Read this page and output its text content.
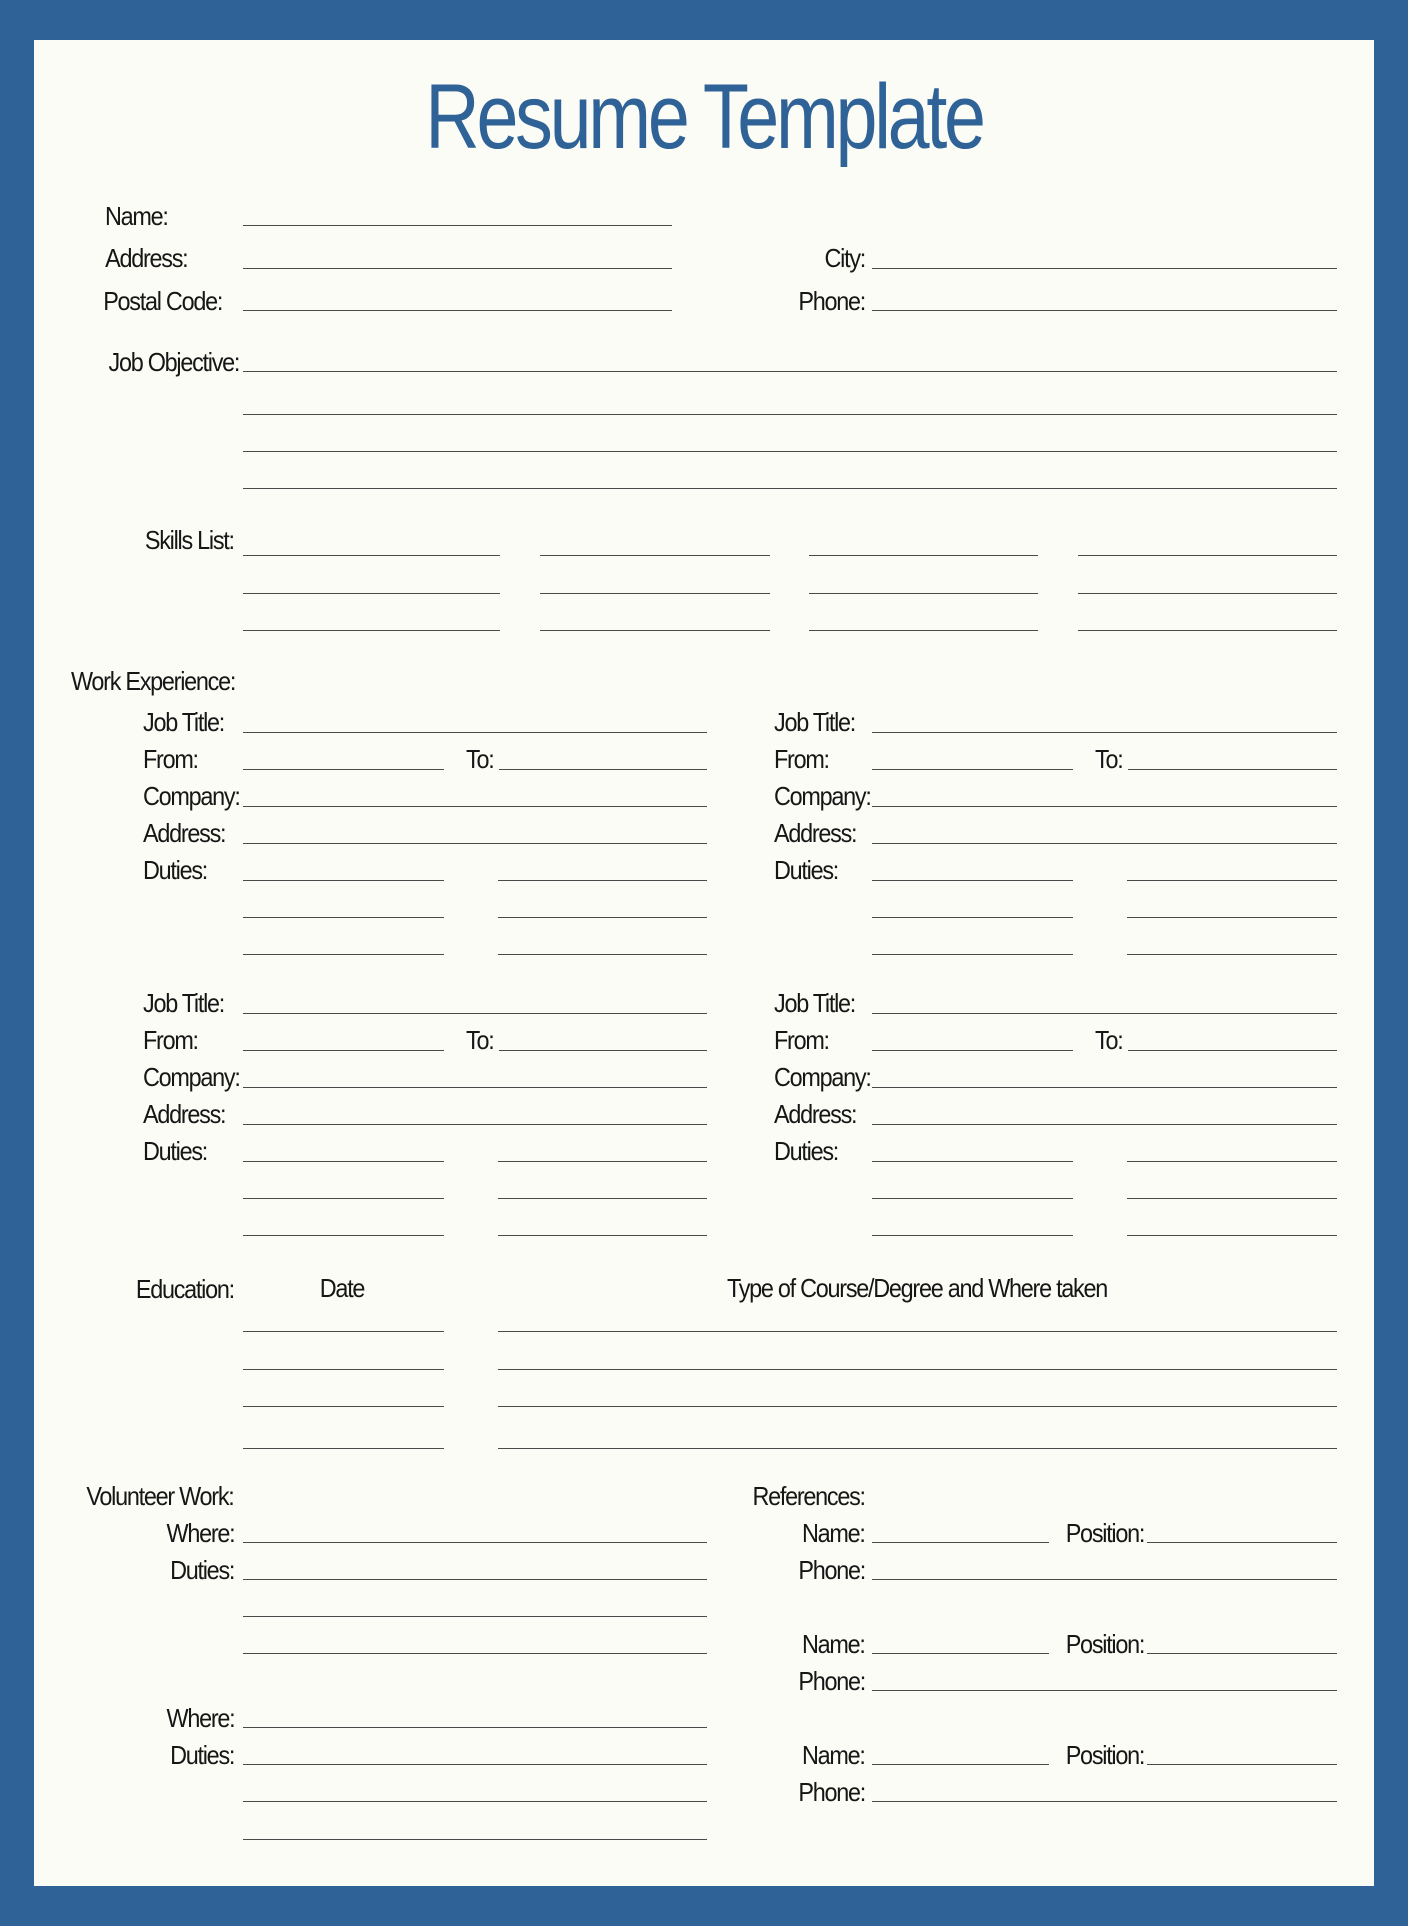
Resume Template
Name:
Address:
Postal Code:
City:
Phone:
Job Objective:
Skills List:
Work Experience:
Job Title:
From:	To:
Company:
Address:
Duties:
Job Title:
From:	To:
Company:
Address:
Duties:
Job Title:
From:	To:
Company:
Address:
Duties:
Job Title:
From:	To:
Company:
Address:
Duties:
Education:	Date	Type of Course/Degree and Where taken
Volunteer Work:
Where:
Duties:
Where:
Duties:
References:
Name:	Position:
Phone:
Name:	Position:
Phone:
Name:	Position:
Phone:
